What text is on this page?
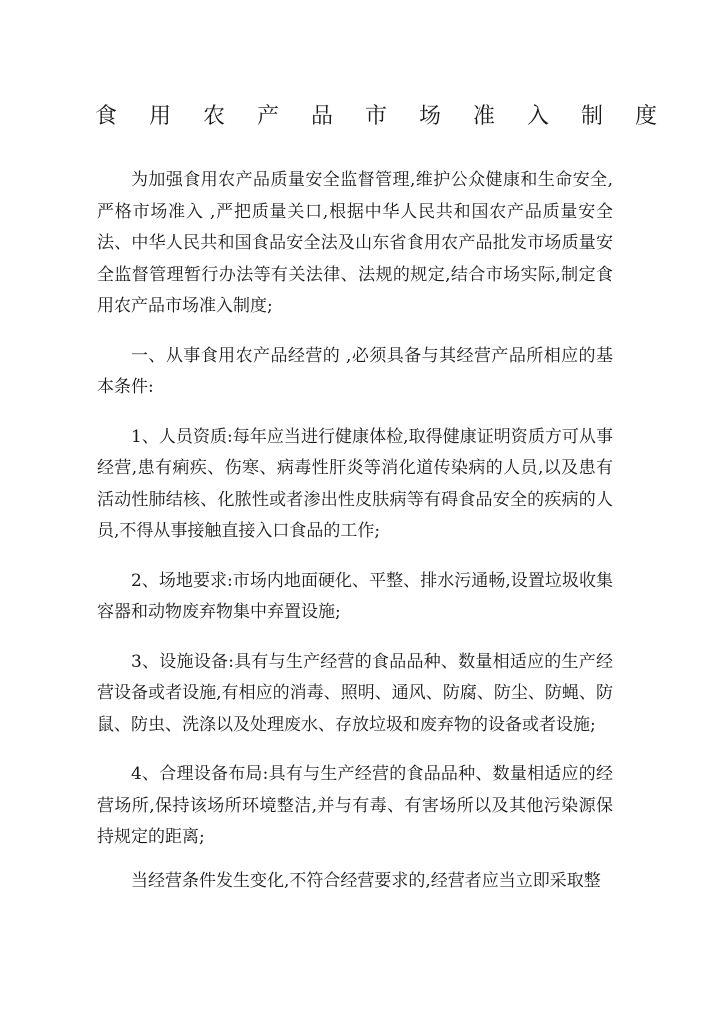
食用农产品市场准入制度

为加强食用农产品质量安全监督管理,维护公众健康和生命安全,严格市场准入 ,严把质量关口,根据中华人民共和国农产品质量安全法、中华人民共和国食品安全法及山东省食用农产品批发市场质量安全监督管理暂行办法等有关法律、法规的规定,结合市场实际,制定食用农产品市场准入制度;

一、从事食用农产品经营的 ,必须具备与其经营产品所相应的基本条件:

1、人员资质:每年应当进行健康体检,取得健康证明资质方可从事经营,患有痢疾、伤寒、病毒性肝炎等消化道传染病的人员,以及患有活动性肺结核、化脓性或者渗出性皮肤病等有碍食品安全的疾病的人员,不得从事接触直接入口食品的工作;

2、场地要求:市场内地面硬化、平整、排水污通畅,设置垃圾收集容器和动物废弃物集中弃置设施;

3、设施设备:具有与生产经营的食品品种、数量相适应的生产经营设备或者设施,有相应的消毒、照明、通风、防腐、防尘、防蝇、防鼠、防虫、洗涤以及处理废水、存放垃圾和废弃物的设备或者设施;

4、合理设备布局:具有与生产经营的食品品种、数量相适应的经营场所,保持该场所环境整洁,并与有毒、有害场所以及其他污染源保持规定的距离;

当经营条件发生变化,不符合经营要求的,经营者应当立即采取整
